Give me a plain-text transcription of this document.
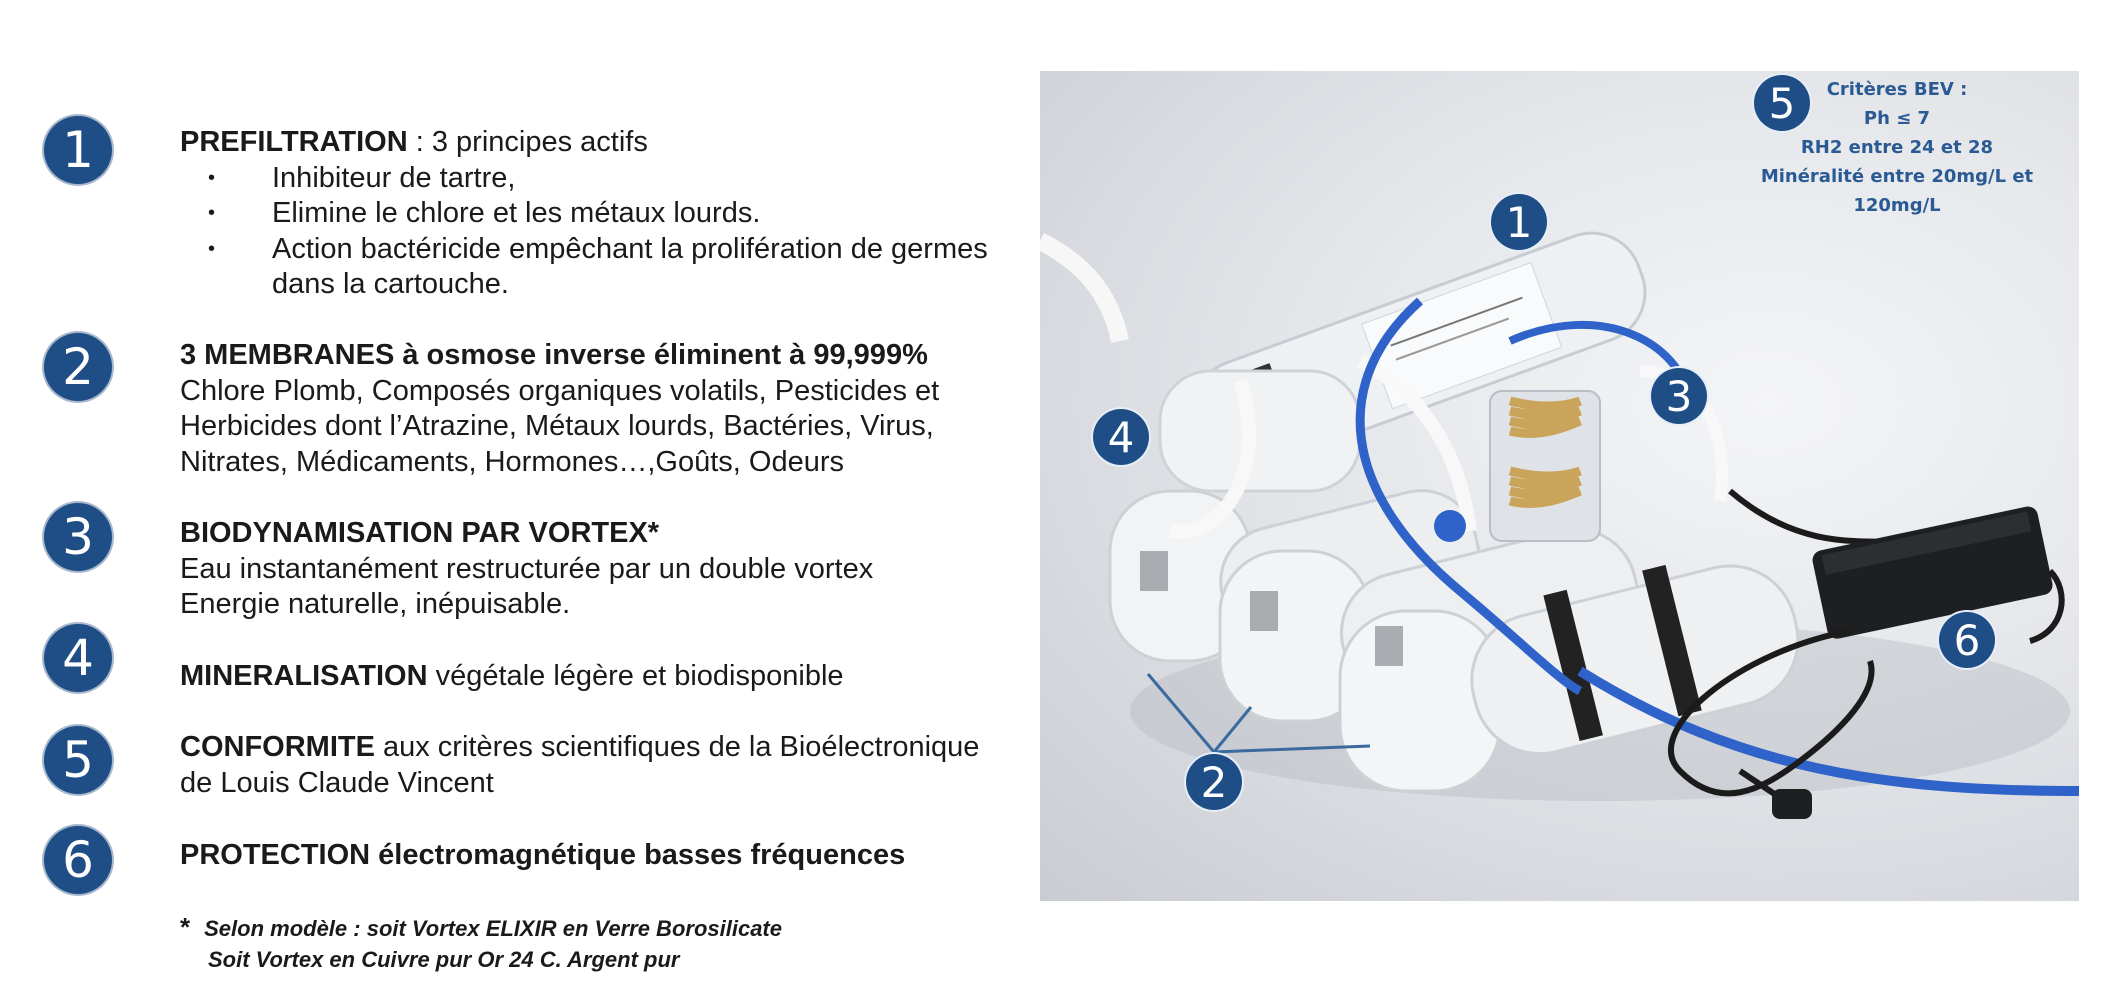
1
2
3
4
5
6
PREFILTRATION : 3 principes actifs
• Inhibiteur de tartre,
• Elimine le chlore et les métaux lourds.
• Action bactéricide empêchant la prolifération de germes
dans la cartouche.
3 MEMBRANES à osmose inverse éliminent à 99,999%
Chlore Plomb, Composés organiques volatils, Pesticides et
Herbicides dont l’Atrazine, Métaux lourds, Bactéries, Virus,
Nitrates, Médicaments, Hormones…,Goûts, Odeurs
BIODYNAMISATION PAR VORTEX*
Eau instantanément restructurée par un double vortex
Energie naturelle, inépuisable.
MINERALISATION végétale légère et biodisponible
CONFORMITE aux critères scientifiques de la Bioélectronique
de Louis Claude Vincent
PROTECTION électromagnétique basses fréquences
* Selon modèle : soit Vortex ELIXIR en Verre Borosilicate
Soit Vortex en Cuivre pur Or 24 C. Argent pur
Critères BEV :
Ph ≤ 7
RH2 entre 24 et 28
Minéralité entre 20mg/L et 120mg/L
1
2
3
4
5
6
